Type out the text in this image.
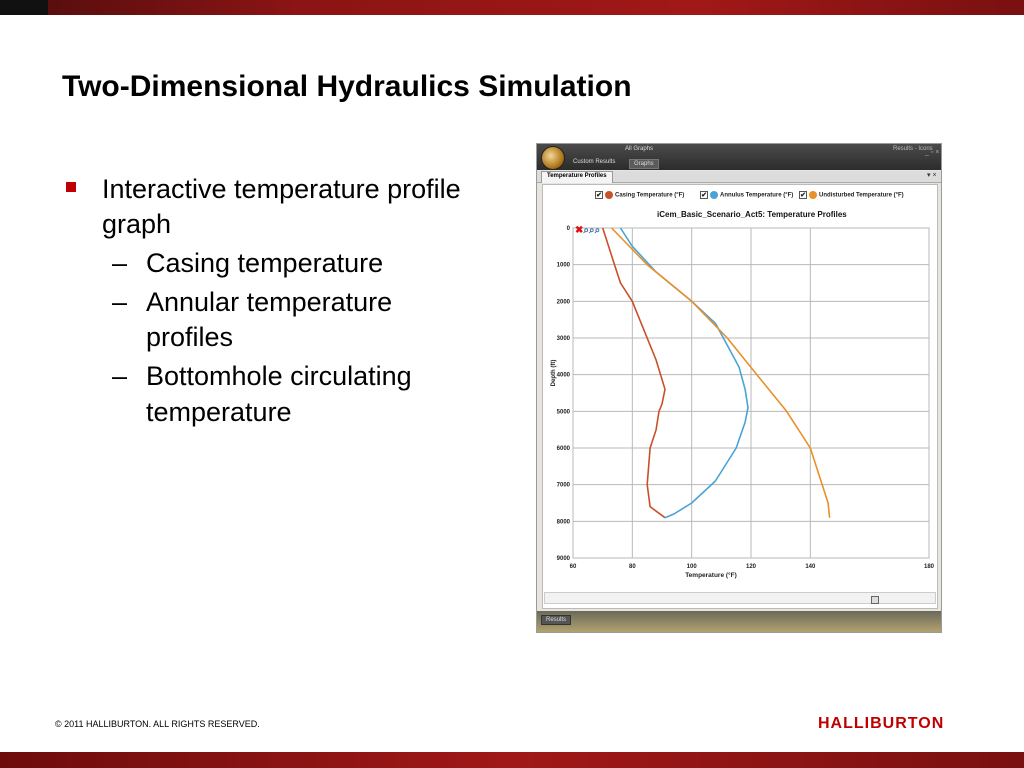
Two-Dimensional Hydraulics Simulation
Interactive temperature profile graph
– Casing temperature
– Annular temperature profiles
– Bottomhole circulating temperature
All Graphs
Custom Results	Graphs
Results - Icons
_ ▫ ×
Temperature Profiles	▾ ×
✔ Casing Temperature (°F) ✔ Annulus Temperature (°F) ✔ Undisturbed Temperature (°F)
iCem_Basic_Scenario_Act5: Temperature Profiles
60	80	100	120	140	180
0
1000
2000
3000
4000
5000
6000
7000
8000
9000
Temperature (°F)
Depth (ft)
✖⌕⌕⌕
Results
© 2011 HALLIBURTON. ALL RIGHTS RESERVED.	HALLIBURTON
